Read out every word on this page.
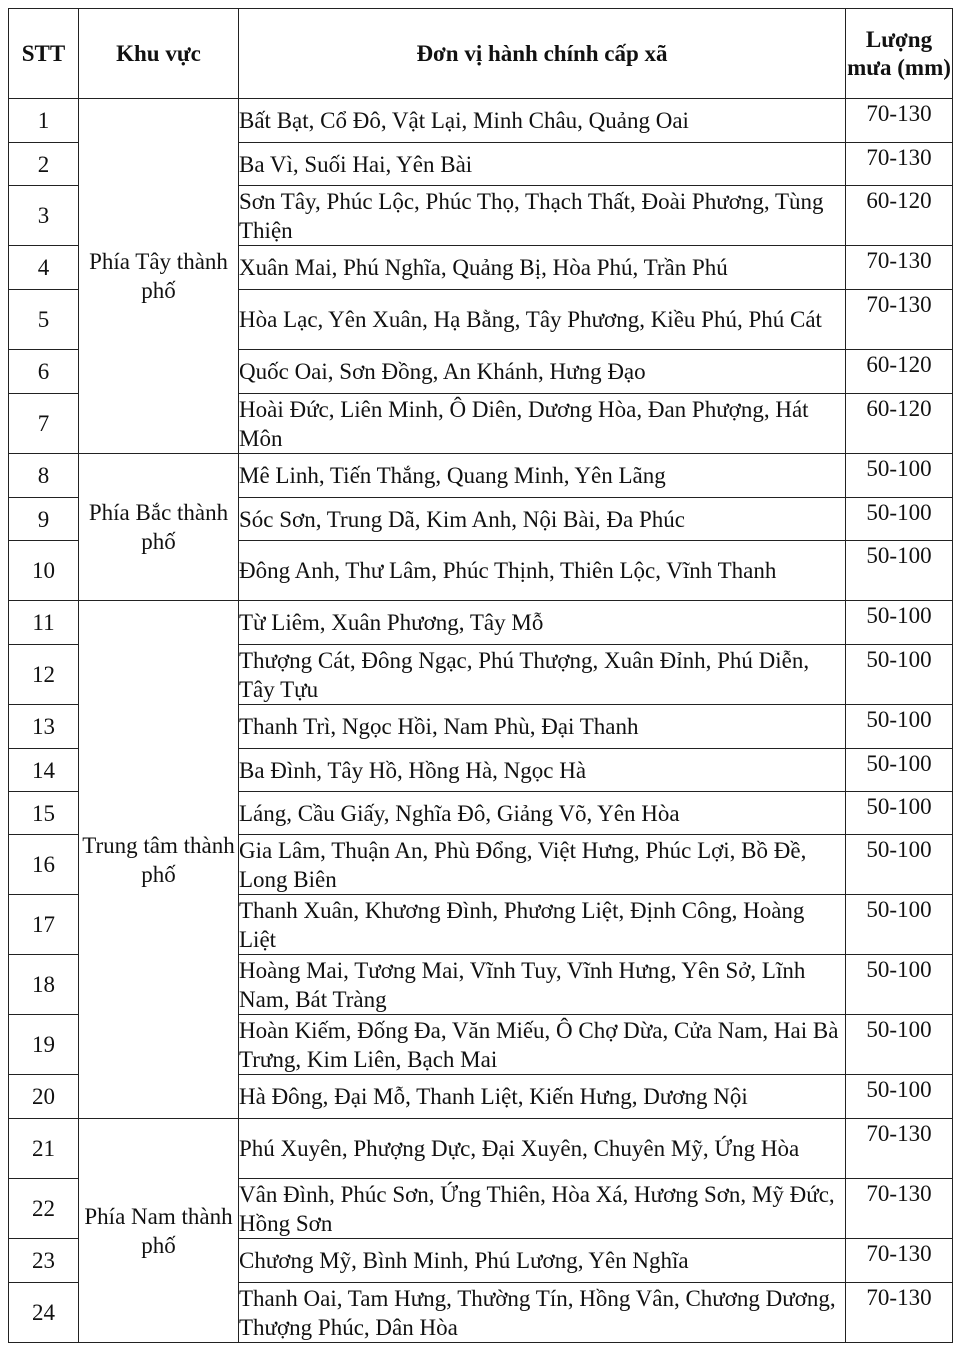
STT	Khu vực	Đơn vị hành chính cấp xã	Lượng mưa (mm)
1	Phía Tây thành phố	Bất Bạt, Cổ Đô, Vật Lại, Minh Châu, Quảng Oai	70-130
2		Ba Vì, Suối Hai, Yên Bài	70-130
3		Sơn Tây, Phúc Lộc, Phúc Thọ, Thạch Thất, Đoài Phương, Tùng Thiện	60-120
4		Xuân Mai, Phú Nghĩa, Quảng Bị, Hòa Phú, Trần Phú	70-130
5		Hòa Lạc, Yên Xuân, Hạ Bằng, Tây Phương, Kiều Phú, Phú Cát	70-130
6		Quốc Oai, Sơn Đồng, An Khánh, Hưng Đạo	60-120
7		Hoài Đức, Liên Minh, Ô Diên, Dương Hòa, Đan Phượng, Hát Môn	60-120
8	Phía Bắc thành phố	Mê Linh, Tiến Thắng, Quang Minh, Yên Lãng	50-100
9		Sóc Sơn, Trung Dã, Kim Anh, Nội Bài, Đa Phúc	50-100
10		Đông Anh, Thư Lâm, Phúc Thịnh, Thiên Lộc, Vĩnh Thanh	50-100
11	Trung tâm thành phố	Từ Liêm, Xuân Phương, Tây Mỗ	50-100
12		Thượng Cát, Đông Ngạc, Phú Thượng, Xuân Đỉnh, Phú Diễn, Tây Tựu	50-100
13		Thanh Trì, Ngọc Hồi, Nam Phù, Đại Thanh	50-100
14		Ba Đình, Tây Hồ, Hồng Hà, Ngọc Hà	50-100
15		Láng, Cầu Giấy, Nghĩa Đô, Giảng Võ, Yên Hòa	50-100
16		Gia Lâm, Thuận An, Phù Đổng, Việt Hưng, Phúc Lợi, Bồ Đề, Long Biên	50-100
17		Thanh Xuân, Khương Đình, Phương Liệt, Định Công, Hoàng Liệt	50-100
18		Hoàng Mai, Tương Mai, Vĩnh Tuy, Vĩnh Hưng, Yên Sở, Lĩnh Nam, Bát Tràng	50-100
19		Hoàn Kiếm, Đống Đa, Văn Miếu, Ô Chợ Dừa, Cửa Nam, Hai Bà Trưng, Kim Liên, Bạch Mai	50-100
20		Hà Đông, Đại Mỗ, Thanh Liệt, Kiến Hưng, Dương Nội	50-100
21	Phía Nam thành phố	Phú Xuyên, Phượng Dực, Đại Xuyên, Chuyên Mỹ, Ứng Hòa	70-130
22		Vân Đình, Phúc Sơn, Ứng Thiên, Hòa Xá, Hương Sơn, Mỹ Đức, Hồng Sơn	70-130
23		Chương Mỹ, Bình Minh, Phú Lương, Yên Nghĩa	70-130
24		Thanh Oai, Tam Hưng, Thường Tín, Hồng Vân, Chương Dương, Thượng Phúc, Dân Hòa	70-130
